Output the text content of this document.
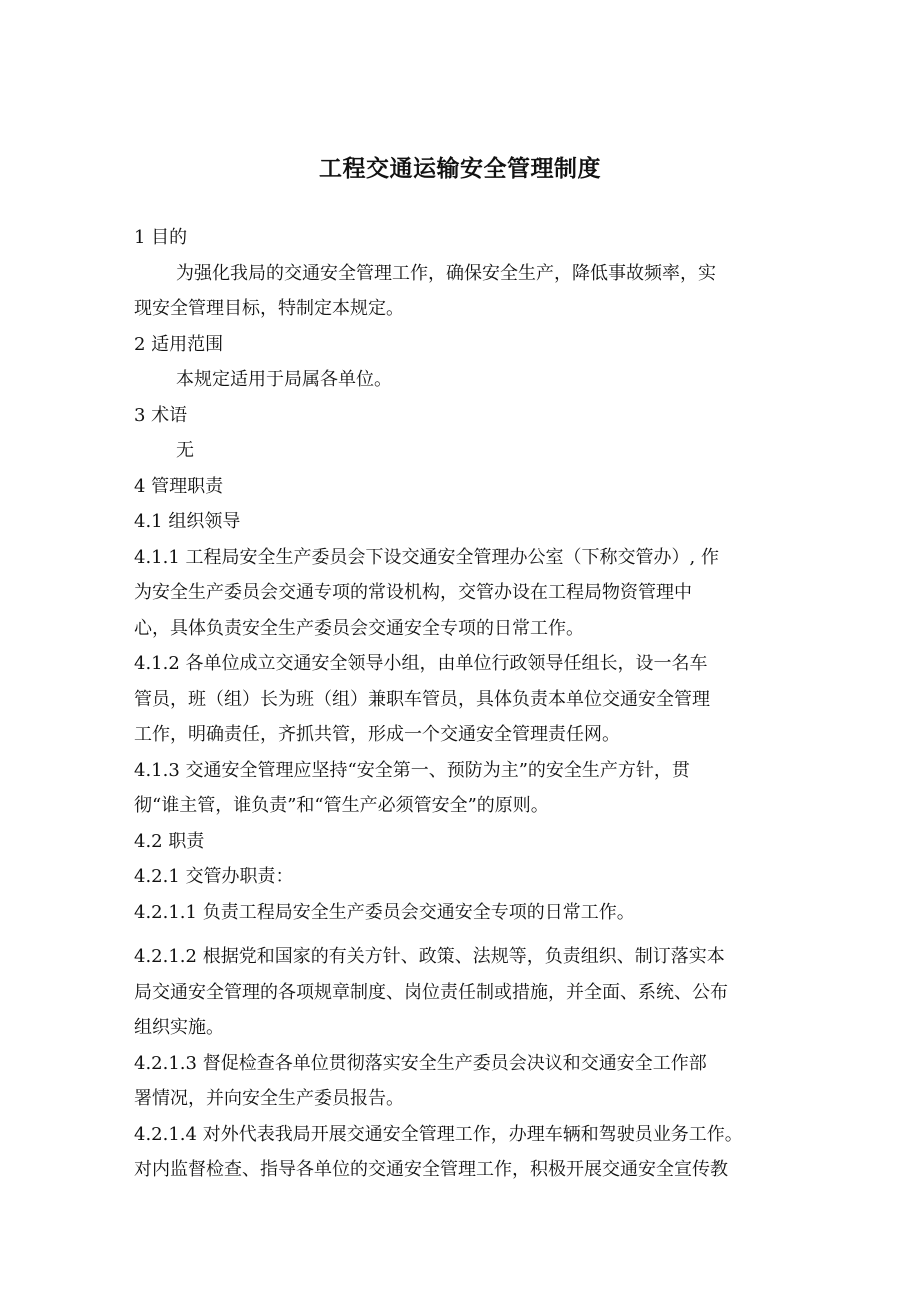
工程交通运输安全管理制度
1 目的
为强化我局的交通安全管理工作，确保安全生产，降低事故频率，实
现安全管理目标，特制定本规定。
2 适用范围
本规定适用于局属各单位。
3 术语
无
4 管理职责
4.1 组织领导
4.1.1 工程局安全生产委员会下设交通安全管理办公室（下称交管办）, 作
为安全生产委员会交通专项的常设机构，交管办设在工程局物资管理中
心，具体负责安全生产委员会交通安全专项的日常工作。
4.1.2 各单位成立交通安全领导小组，由单位行政领导任组长，设一名车
管员，班（组）长为班（组）兼职车管员，具体负责本单位交通安全管理
工作，明确责任，齐抓共管，形成一个交通安全管理责任网。
4.1.3 交通安全管理应坚持“安全第一、预防为主”的安全生产方针，贯
彻“谁主管，谁负责”和“管生产必须管安全”的原则。
4.2 职责
4.2.1 交管办职责：
4.2.1.1 负责工程局安全生产委员会交通安全专项的日常工作。
4.2.1.2 根据党和国家的有关方针、政策、法规等，负责组织、制订落实本
局交通安全管理的各项规章制度、岗位责任制或措施，并全面、系统、公布
组织实施。
4.2.1.3 督促检查各单位贯彻落实安全生产委员会决议和交通安全工作部
署情况，并向安全生产委员报告。
4.2.1.4 对外代表我局开展交通安全管理工作，办理车辆和驾驶员业务工作。
对内监督检查、指导各单位的交通安全管理工作，积极开展交通安全宣传教
